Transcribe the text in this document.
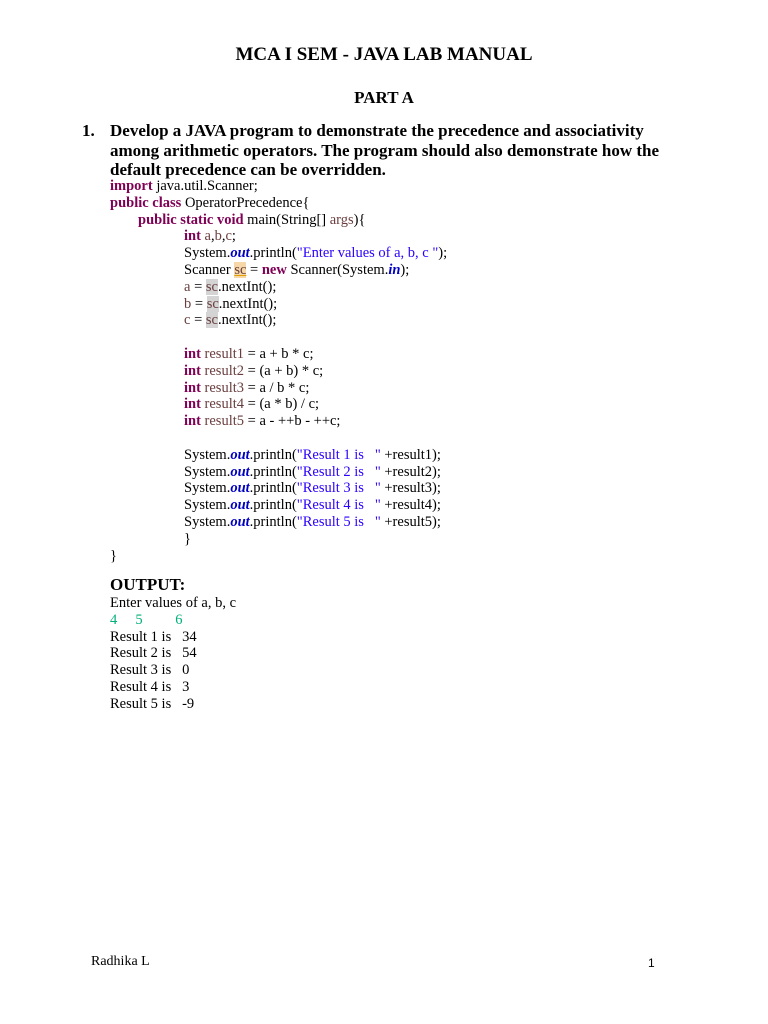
MCA I SEM - JAVA LAB MANUAL
PART A
1. Develop a JAVA program to demonstrate the precedence and associativity among arithmetic operators. The program should also demonstrate how the default precedence can be overridden.
import java.util.Scanner;
public class OperatorPrecedence{
public static void main(String[] args){
int a,b,c;
System.out.println("Enter values of a, b, c ");
Scanner sc = new Scanner(System.in);
a = sc.nextInt();
b = sc.nextInt();
c = sc.nextInt();
int result1 = a + b * c;
int result2 = (a + b) * c;
int result3 = a / b * c;
int result4 = (a * b) / c;
int result5 = a - ++b - ++c;
System.out.println("Result 1 is   " +result1);
System.out.println("Result 2 is   " +result2);
System.out.println("Result 3 is   " +result3);
System.out.println("Result 4 is   " +result4);
System.out.println("Result 5 is   " +result5);
}
}
OUTPUT:
Enter values of a, b, c
4     5         6
Result 1 is   34
Result 2 is   54
Result 3 is   0
Result 4 is   3
Result 5 is   -9
Radhika L	1
